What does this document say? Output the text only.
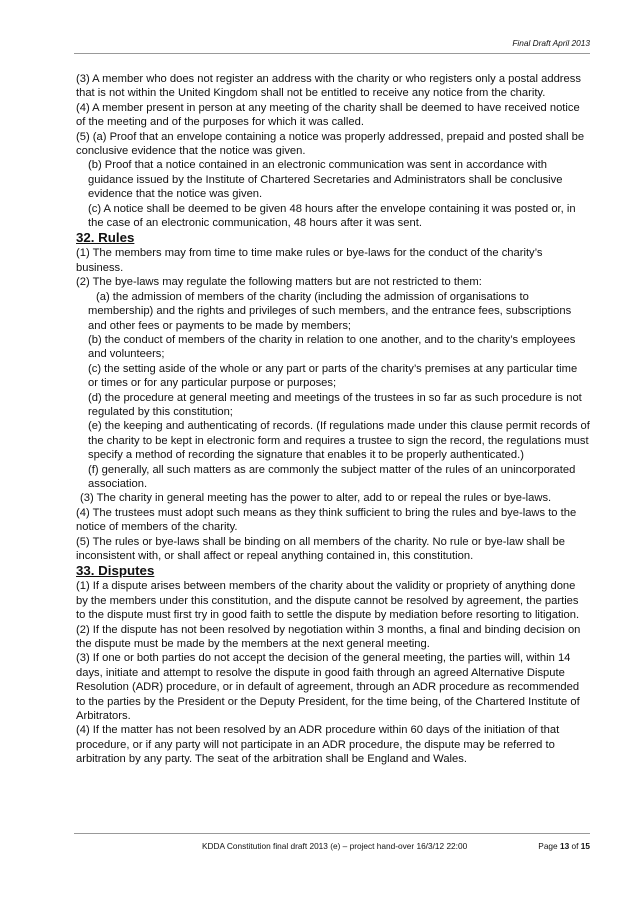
Final Draft April 2013

(3) A member who does not register an address with the charity or who registers only a postal address that is not within the United Kingdom shall not be entitled to receive any notice from the charity.

(4) A member present in person at any meeting of the charity shall be deemed to have received notice of the meeting and of the purposes for which it was called.

(5) (a) Proof that an envelope containing a notice was properly addressed, prepaid and posted shall be conclusive evidence that the notice was given.

(b) Proof that a notice contained in an electronic communication was sent in accordance with guidance issued by the Institute of Chartered Secretaries and Administrators shall be conclusive evidence that the notice was given.

(c) A notice shall be deemed to be given 48 hours after the envelope containing it was posted or, in the case of an electronic communication, 48 hours after it was sent.

32. Rules

(1) The members may from time to time make rules or bye-laws for the conduct of the charity’s business.

(2) The bye-laws may regulate the following matters but are not restricted to them:

(a) the admission of members of the charity (including the admission of organisations to membership) and the rights and privileges of such members, and the entrance fees, subscriptions and other fees or payments to be made by members;

(b) the conduct of members of the charity in relation to one another, and to the charity’s employees and volunteers;

(c) the setting aside of the whole or any part or parts of the charity’s premises at any particular time or times or for any particular purpose or purposes;

(d) the procedure at general meeting and meetings of the trustees in so far as such procedure is not regulated by this constitution;

(e) the keeping and authenticating of records. (If regulations made under this clause permit records of the charity to be kept in electronic form and requires a trustee to sign the record, the regulations must specify a method of recording the signature that enables it to be properly authenticated.)

(f) generally, all such matters as are commonly the subject matter of the rules of an unincorporated association.

(3) The charity in general meeting has the power to alter, add to or repeal the rules or bye-laws.

(4) The trustees must adopt such means as they think sufficient to bring the rules and bye-laws to the notice of members of the charity.

(5) The rules or bye-laws shall be binding on all members of the charity. No rule or bye-law shall be inconsistent with, or shall affect or repeal anything contained in, this constitution.

33. Disputes

(1) If a dispute arises between members of the charity about the validity or propriety of anything done by the members under this constitution, and the dispute cannot be resolved by agreement, the parties to the dispute must first try in good faith to settle the dispute by mediation before resorting to litigation.

(2) If the dispute has not been resolved by negotiation within 3 months, a final and binding decision on the dispute must be made by the members at the next general meeting.

(3) If one or both parties do not accept the decision of the general meeting, the parties will, within 14 days, initiate and attempt to resolve the dispute in good faith through an agreed Alternative Dispute Resolution (ADR) procedure, or in default of agreement, through an ADR procedure as recommended to the parties by the President or the Deputy President, for the time being, of the Chartered Institute of Arbitrators.

(4) If the matter has not been resolved by an ADR procedure within 60 days of the initiation of that procedure, or if any party will not participate in an ADR procedure, the dispute may be referred to arbitration by any party. The seat of the arbitration shall be England and Wales.

KDDA Constitution final draft 2013 (e) – project hand-over 16/3/12 22:00	Page 13 of 15
